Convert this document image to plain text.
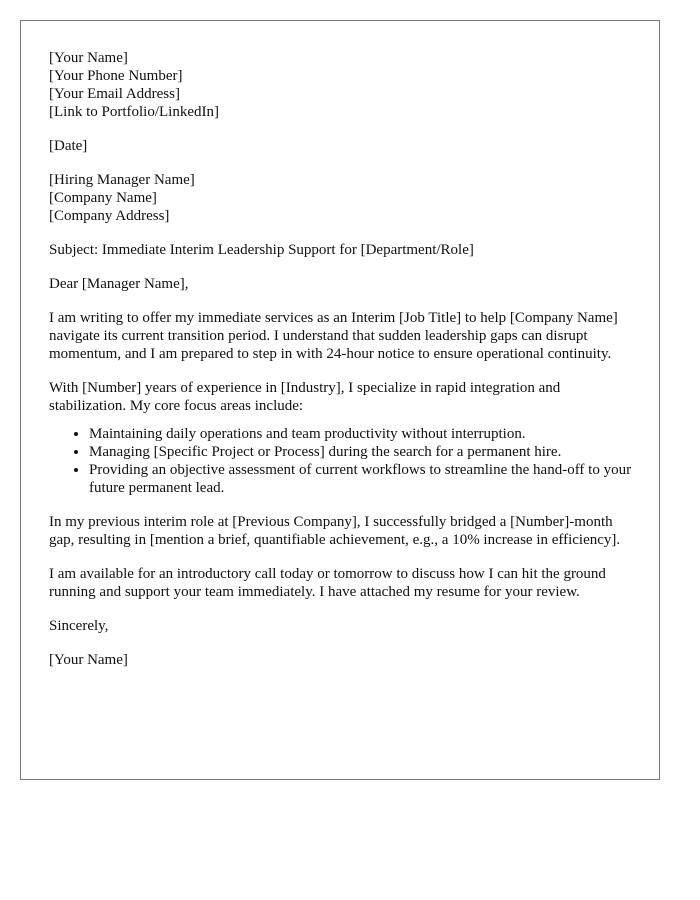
[Your Name]
[Your Phone Number]
[Your Email Address]
[Link to Portfolio/LinkedIn]
[Date]
[Hiring Manager Name]
[Company Name]
[Company Address]

Subject: Immediate Interim Leadership Support for [Department/Role]

Dear [Manager Name],

I am writing to offer my immediate services as an Interim [Job Title] to help [Company Name] navigate its current transition period. I understand that sudden leadership gaps can disrupt momentum, and I am prepared to step in with 24-hour notice to ensure operational continuity.

With [Number] years of experience in [Industry], I specialize in rapid integration and stabilization. My core focus areas include:

• Maintaining daily operations and team productivity without interruption.
• Managing [Specific Project or Process] during the search for a permanent hire.
• Providing an objective assessment of current workflows to streamline the hand-off to your future permanent lead.

In my previous interim role at [Previous Company], I successfully bridged a [Number]-month gap, resulting in [mention a brief, quantifiable achievement, e.g., a 10% increase in efficiency].

I am available for an introductory call today or tomorrow to discuss how I can hit the ground running and support your team immediately. I have attached my resume for your review.

Sincerely,

[Your Name]
